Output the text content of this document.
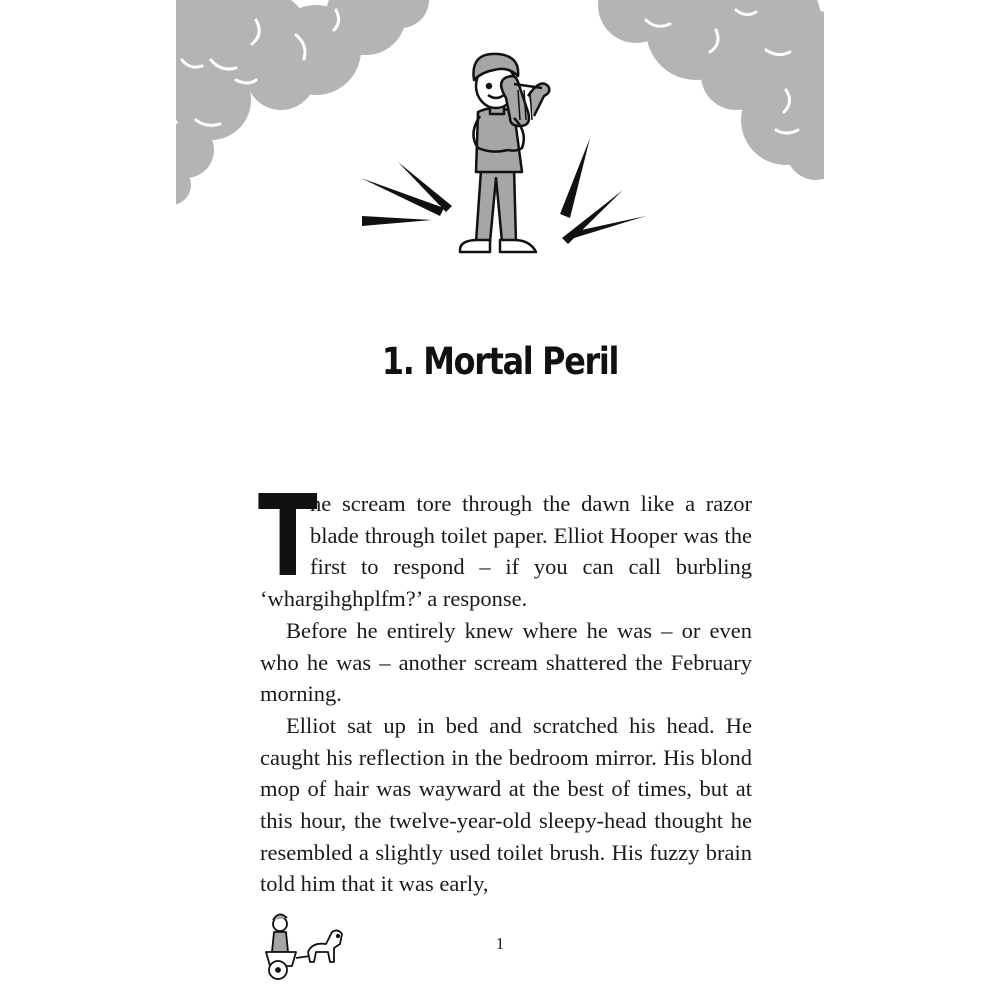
1. Mortal Peril

T
he scream tore through the dawn like a razor blade through toilet paper. Elliot Hooper was the first to respond – if you can call burbling ‘whargihghplfm?’ a response.

Before he entirely knew where he was – or even who he was – another scream shattered the February morning.

Elliot sat up in bed and scratched his head. He caught his reflection in the bedroom mirror. His blond mop of hair was wayward at the best of times, but at this hour, the twelve-year-old sleepy-head thought he resembled a slightly used toilet brush. His fuzzy brain told him that it was early,

1
